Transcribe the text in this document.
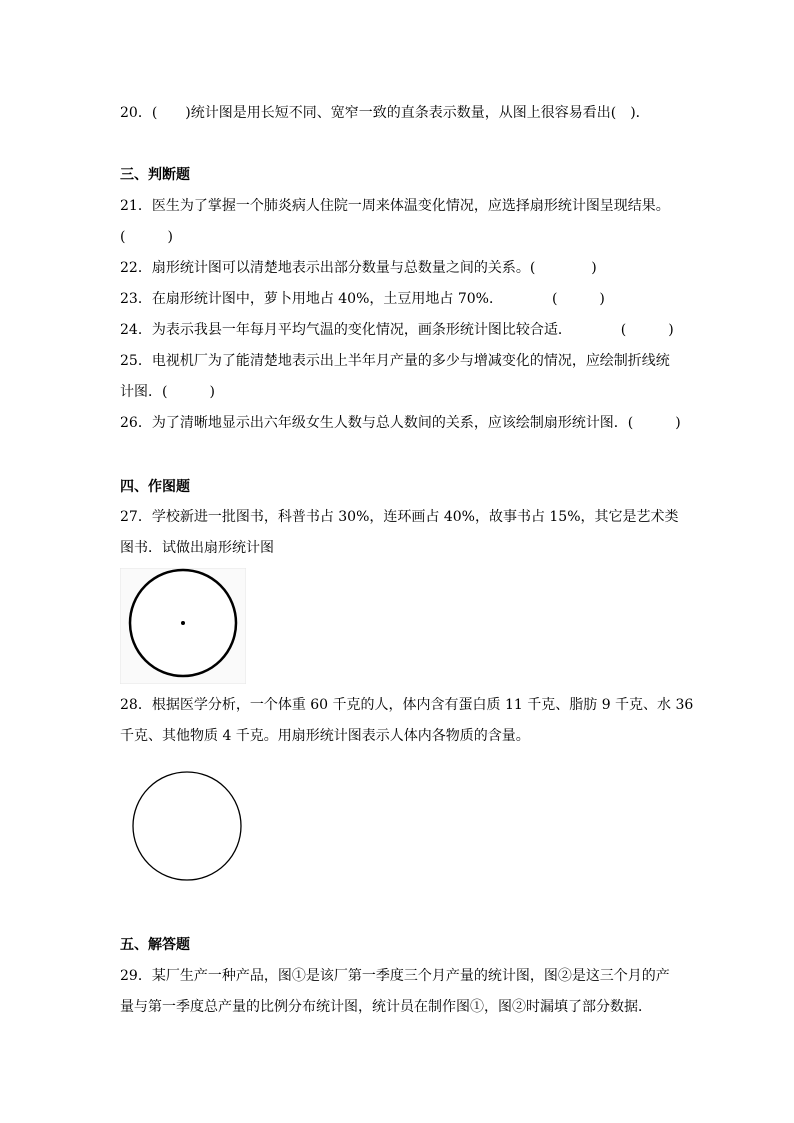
20．(　　)统计图是用长短不同、宽窄一致的直条表示数量，从图上很容易看出(　)．
三、判断题
21．医生为了掌握一个肺炎病人住院一周来体温变化情况，应选择扇形统计图呈现结果。
(　　　)
22．扇形统计图可以清楚地表示出部分数量与总数量之间的关系。(　　　　)
23．在扇形统计图中，萝卜用地占 40%，土豆用地占 70%．　　　　(　　　)
24．为表示我县一年每月平均气温的变化情况，画条形统计图比较合适．　　　　(　　　)
25．电视机厂为了能清楚地表示出上半年月产量的多少与增减变化的情况，应绘制折线统
计图．(　　　)
26．为了清晰地显示出六年级女生人数与总人数间的关系，应该绘制扇形统计图．(　　　)
四、作图题
27．学校新进一批图书，科普书占 30%，连环画占 40%，故事书占 15%，其它是艺术类
图书．试做出扇形统计图
28．根据医学分析，一个体重 60 千克的人，体内含有蛋白质 11 千克、脂肪 9 千克、水 36
千克、其他物质 4 千克。用扇形统计图表示人体内各物质的含量。
五、解答题
29．某厂生产一种产品，图①是该厂第一季度三个月产量的统计图，图②是这三个月的产
量与第一季度总产量的比例分布统计图，统计员在制作图①，图②时漏填了部分数据．
